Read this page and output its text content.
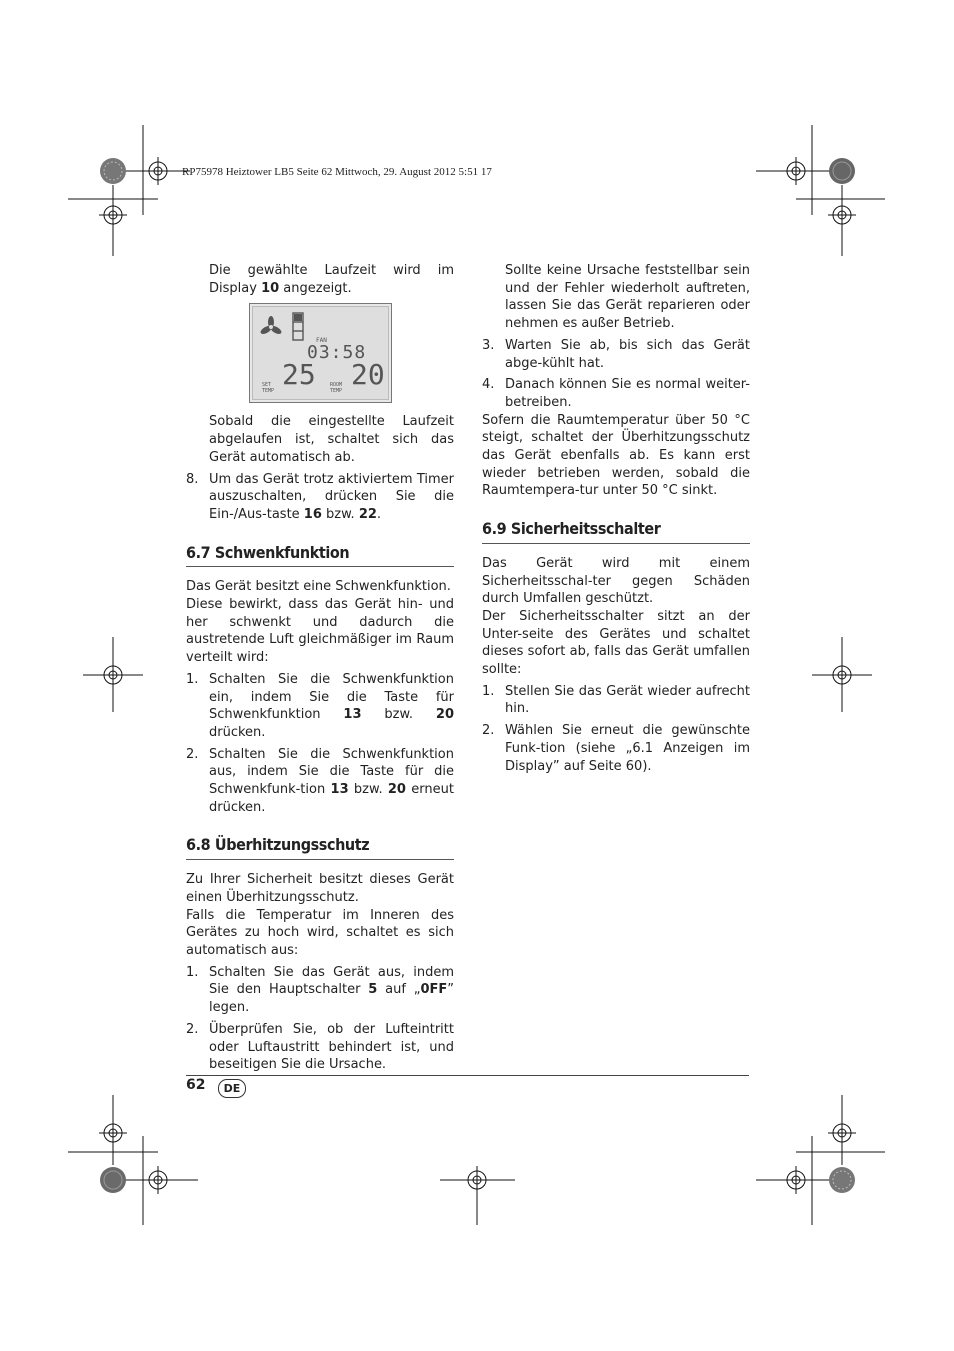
RP75978 Heiztower LB5 Seite 62 Mittwoch, 29. August 2012 5:51 17

Die gewählte Laufzeit wird im Display 10 angezeigt.

FAN
03:58
SET TEMP 25	ROOM TEMP 20

Sobald die eingestellte Laufzeit abgelaufen ist, schaltet sich das Gerät automatisch ab.

8. Um das Gerät trotz aktiviertem Timer auszuschalten, drücken Sie die Ein-/Aus-taste 16 bzw. 22.
6.7 Schwenkfunktion

Das Gerät besitzt eine Schwenkfunktion.

Diese bewirkt, dass das Gerät hin- und her schwenkt und dadurch die austretende Luft gleichmäßiger im Raum verteilt wird:

1. Schalten Sie die Schwenkfunktion ein, indem Sie die Taste für Schwenkfunktion 13 bzw. 20 drücken.
2. Schalten Sie die Schwenkfunktion aus, indem Sie die Taste für die Schwenkfunk-tion 13 bzw. 20 erneut drücken.
6.8 Überhitzungsschutz

Zu Ihrer Sicherheit besitzt dieses Gerät einen Überhitzungsschutz.

Falls die Temperatur im Inneren des Gerätes zu hoch wird, schaltet es sich automatisch aus:

1. Schalten Sie das Gerät aus, indem Sie den Hauptschalter 5 auf „0FF” legen.
2. Überprüfen Sie, ob der Lufteintritt oder Luftaustritt behindert ist, und beseitigen Sie die Ursache.

Sollte keine Ursache feststellbar sein und der Fehler wiederholt auftreten, lassen Sie das Gerät reparieren oder nehmen es außer Betrieb.

3. Warten Sie ab, bis sich das Gerät abge-kühlt hat.
4. Danach können Sie es normal weiter-betreiben.

Sofern die Raumtemperatur über 50 °C steigt, schaltet der Überhitzungsschutz das Gerät ebenfalls ab. Es kann erst wieder betrieben werden, sobald die Raumtempera-tur unter 50 °C sinkt.

6.9 Sicherheitsschalter

Das Gerät wird mit einem Sicherheitsschal-ter gegen Schäden durch Umfallen geschützt.

Der Sicherheitsschalter sitzt an der Unter-seite des Gerätes und schaltet dieses sofort ab, falls das Gerät umfallen sollte:

1. Stellen Sie das Gerät wieder aufrecht hin.
2. Wählen Sie erneut die gewünschte Funk-tion (siehe „6.1 Anzeigen im Display” auf Seite 60).
62	DE
